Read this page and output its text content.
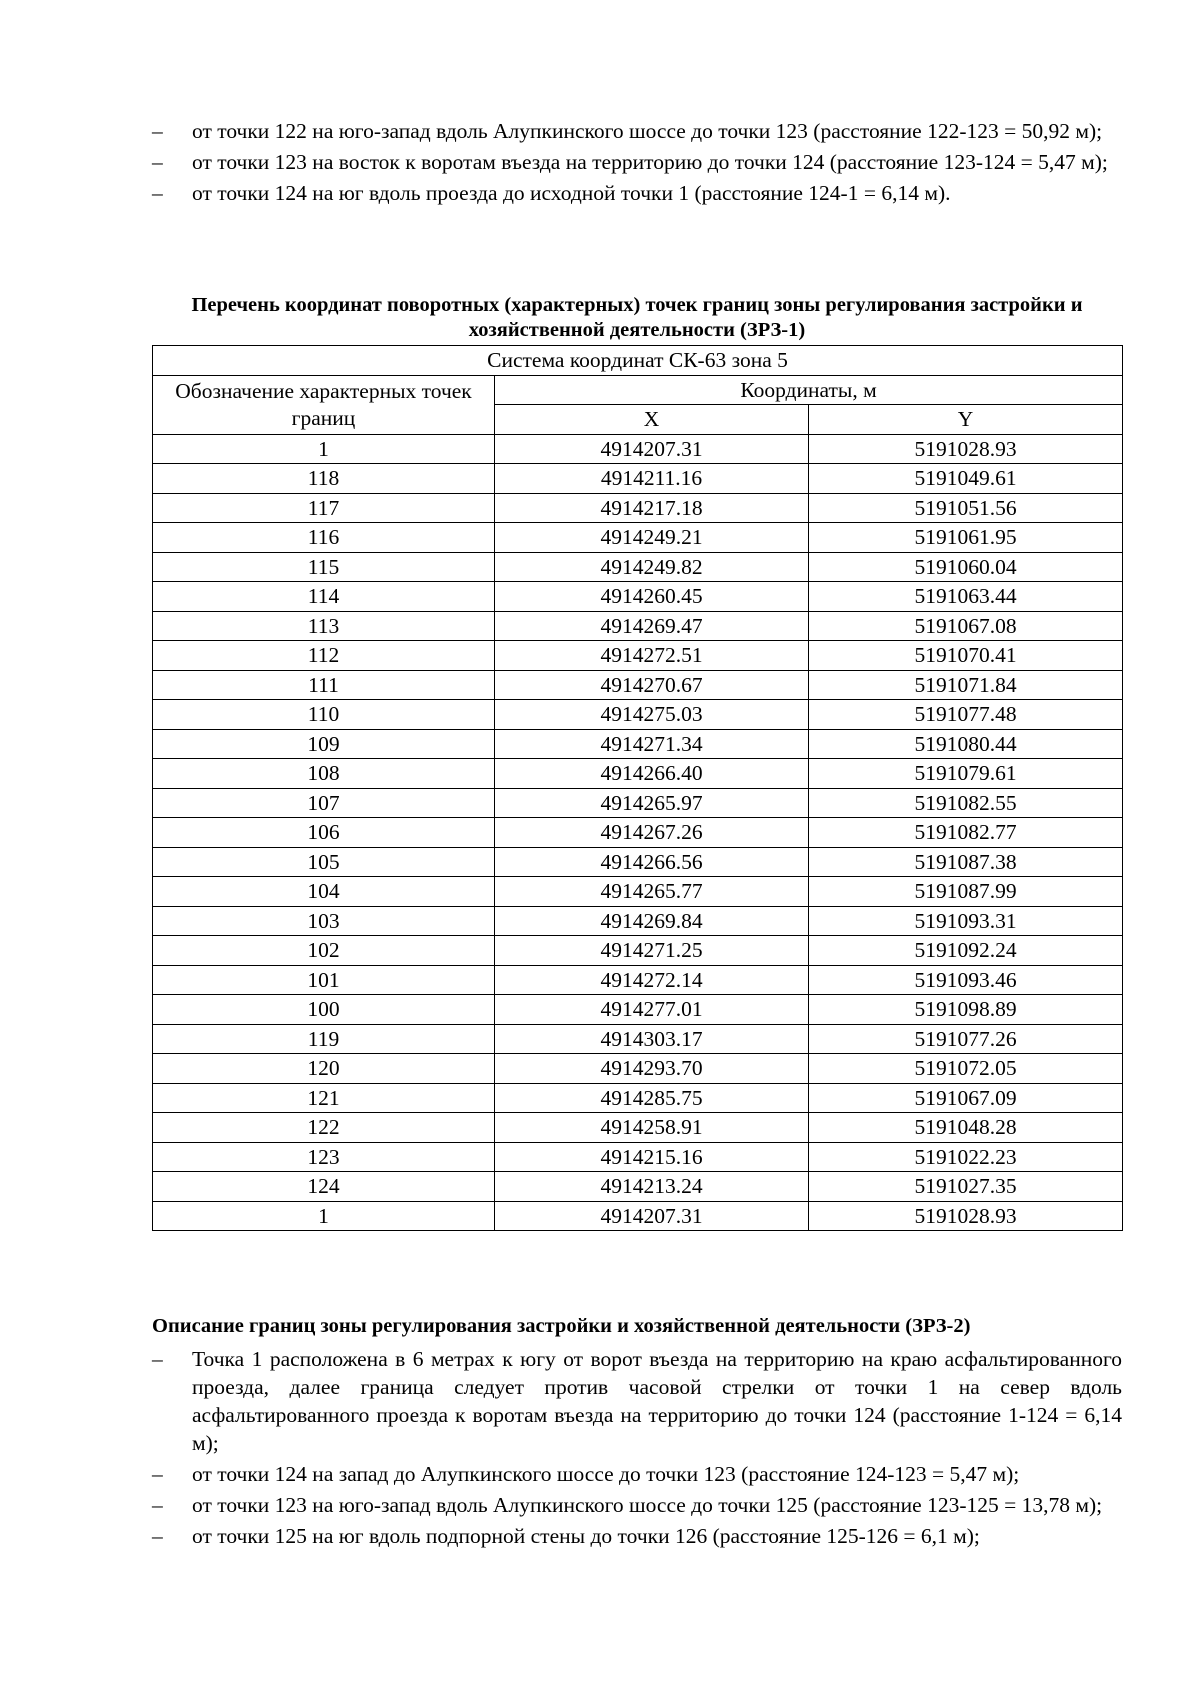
– от точки 122 на юго-запад вдоль Алупкинского шоссе до точки 123 (расстояние 122-123 = 50,92 м);
– от точки 123 на восток к воротам въезда на территорию до точки 124 (расстояние 123-124 = 5,47 м);
– от точки 124 на юг вдоль проезда до исходной точки 1 (расстояние 124-1 = 6,14 м).
Перечень координат поворотных (характерных) точек границ зоны регулирования застройки и хозяйственной деятельности (ЗРЗ-1)
Система координат СК-63 зона 5		
Обозначение характерных точек границ	Координаты, м	
	X	Y
1	4914207.31	5191028.93
118	4914211.16	5191049.61
117	4914217.18	5191051.56
116	4914249.21	5191061.95
115	4914249.82	5191060.04
114	4914260.45	5191063.44
113	4914269.47	5191067.08
112	4914272.51	5191070.41
111	4914270.67	5191071.84
110	4914275.03	5191077.48
109	4914271.34	5191080.44
108	4914266.40	5191079.61
107	4914265.97	5191082.55
106	4914267.26	5191082.77
105	4914266.56	5191087.38
104	4914265.77	5191087.99
103	4914269.84	5191093.31
102	4914271.25	5191092.24
101	4914272.14	5191093.46
100	4914277.01	5191098.89
119	4914303.17	5191077.26
120	4914293.70	5191072.05
121	4914285.75	5191067.09
122	4914258.91	5191048.28
123	4914215.16	5191022.23
124	4914213.24	5191027.35
1	4914207.31	5191028.93
Описание границ зоны регулирования застройки и хозяйственной деятельности (ЗРЗ-2)
– Точка 1 расположена в 6 метрах к югу от ворот въезда на территорию на краю асфальтированного проезда, далее граница следует против часовой стрелки от точки 1 на север вдоль асфальтированного проезда к воротам въезда на территорию до точки 124 (расстояние 1-124 = 6,14 м);
– от точки 124 на запад до Алупкинского шоссе до точки 123 (расстояние 124-123 = 5,47 м);
– от точки 123 на юго-запад вдоль Алупкинского шоссе до точки 125 (расстояние 123-125 = 13,78 м);
– от точки 125 на юг вдоль подпорной стены до точки 126 (расстояние 125-126 = 6,1 м);
